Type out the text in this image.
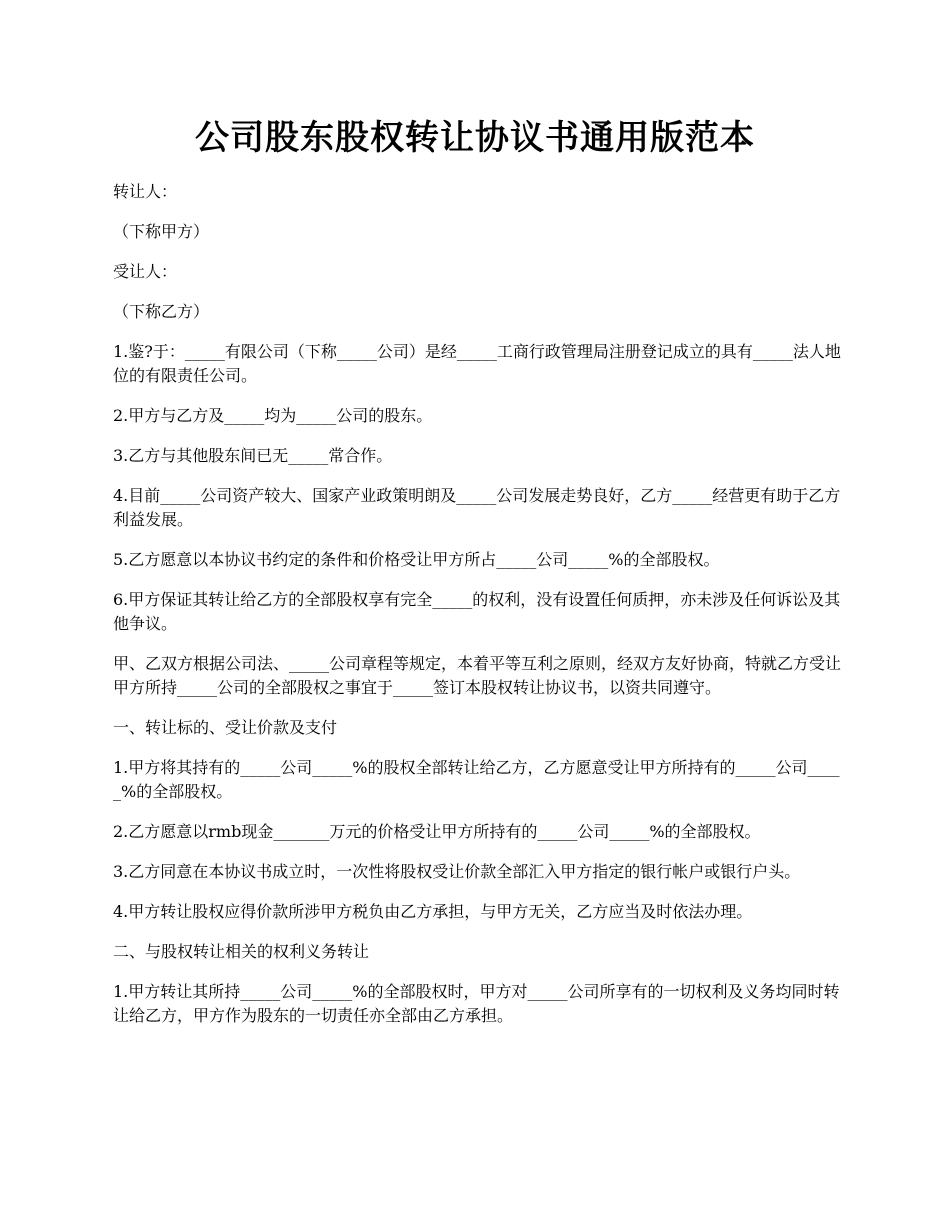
公司股东股权转让协议书通用版范本

转让人：

（下称甲方）

受让人：

（下称乙方）

1.鉴?于：_____有限公司（下称_____公司）是经_____工商行政管理局注册登记成立的具有_____法人地位的有限责任公司。

2.甲方与乙方及_____均为_____公司的股东。

3.乙方与其他股东间已无_____常合作。

4.目前_____公司资产较大、国家产业政策明朗及_____公司发展走势良好，乙方_____经营更有助于乙方利益发展。

5.乙方愿意以本协议书约定的条件和价格受让甲方所占_____公司_____%的全部股权。

6.甲方保证其转让给乙方的全部股权享有完全_____的权利，没有设置任何质押，亦未涉及任何诉讼及其他争议。

甲、乙双方根据公司法、_____公司章程等规定，本着平等互利之原则，经双方友好协商，特就乙方受让甲方所持_____公司的全部股权之事宜于_____签订本股权转让协议书，以资共同遵守。

一、转让标的、受让价款及支付

1.甲方将其持有的_____公司_____%的股权全部转让给乙方，乙方愿意受让甲方所持有的_____公司_____%的全部股权。

2.乙方愿意以rmb现金_______万元的价格受让甲方所持有的_____公司_____%的全部股权。

3.乙方同意在本协议书成立时，一次性将股权受让价款全部汇入甲方指定的银行帐户或银行户头。

4.甲方转让股权应得价款所涉甲方税负由乙方承担，与甲方无关，乙方应当及时依法办理。

二、与股权转让相关的权利义务转让

1.甲方转让其所持_____公司_____%的全部股权时，甲方对_____公司所享有的一切权利及义务均同时转让给乙方，甲方作为股东的一切责任亦全部由乙方承担。
